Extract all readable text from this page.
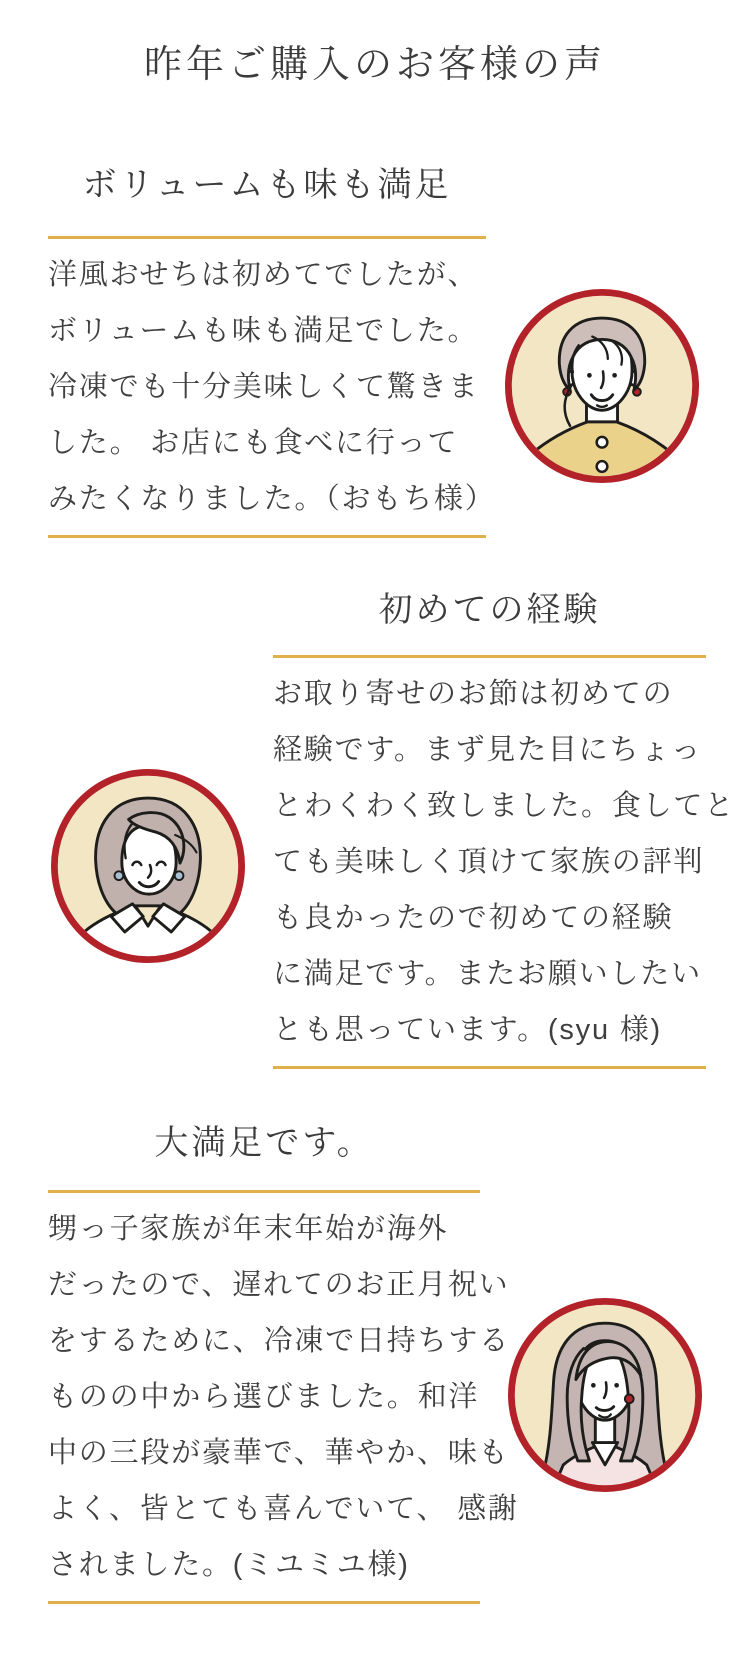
昨年ご購入のお客様の声
ボリュームも味も満足

洋風おせちは初めてでしたが、

ボリュームも味も満足でした。

冷凍でも十分美味しくて驚きま

した。 お店にも食べに行って

みたくなりました。（おもち様）

初めての経験

お取り寄せのお節は初めての

経験です。まず見た目にちょっ

とわくわく致しました。食してと

ても美味しく頂けて家族の評判

も良かったので初めての経験

に満足です。またお願いしたい

とも思っています。(syu 様)

大満足です。

甥っ子家族が年末年始が海外

だったので、遅れてのお正月祝い

をするために、冷凍で日持ちする

ものの中から選びました。和洋

中の三段が豪華で、華やか、味も

よく、皆とても喜んでいて、 感謝

されました。(ミユミユ様)
